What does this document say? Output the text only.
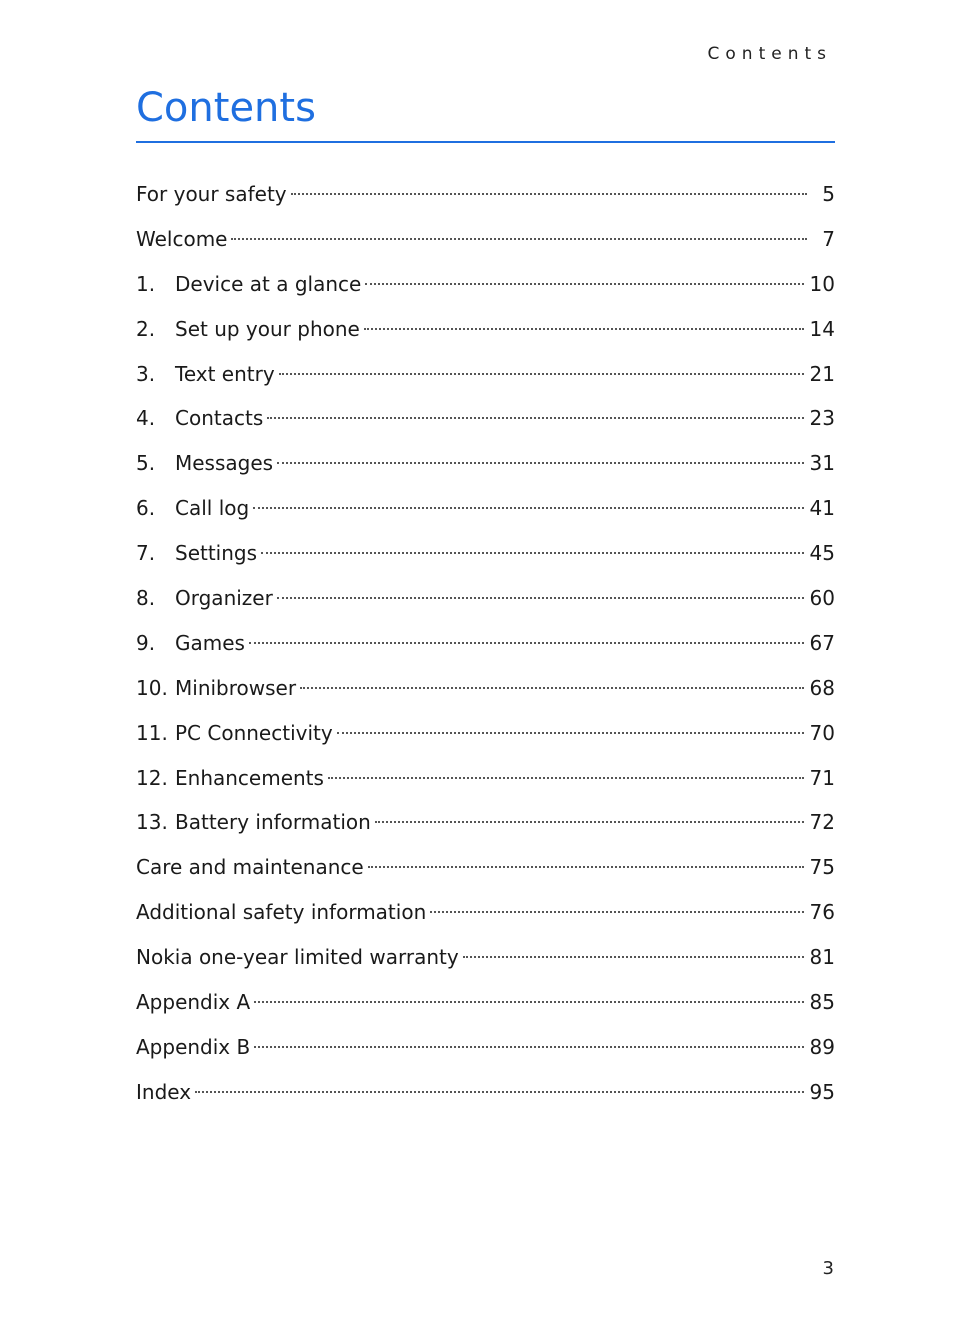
Contents
Contents
For your safety	5
Welcome	7
1. Device at a glance	10
2. Set up your phone	14
3. Text entry	21
4. Contacts	23
5. Messages	31
6. Call log	41
7. Settings	45
8. Organizer	60
9. Games	67
10. Minibrowser	68
11. PC Connectivity	70
12. Enhancements	71
13. Battery information	72
Care and maintenance	75
Additional safety information	76
Nokia one-year limited warranty	81
Appendix A	85
Appendix B	89
Index	95
3
